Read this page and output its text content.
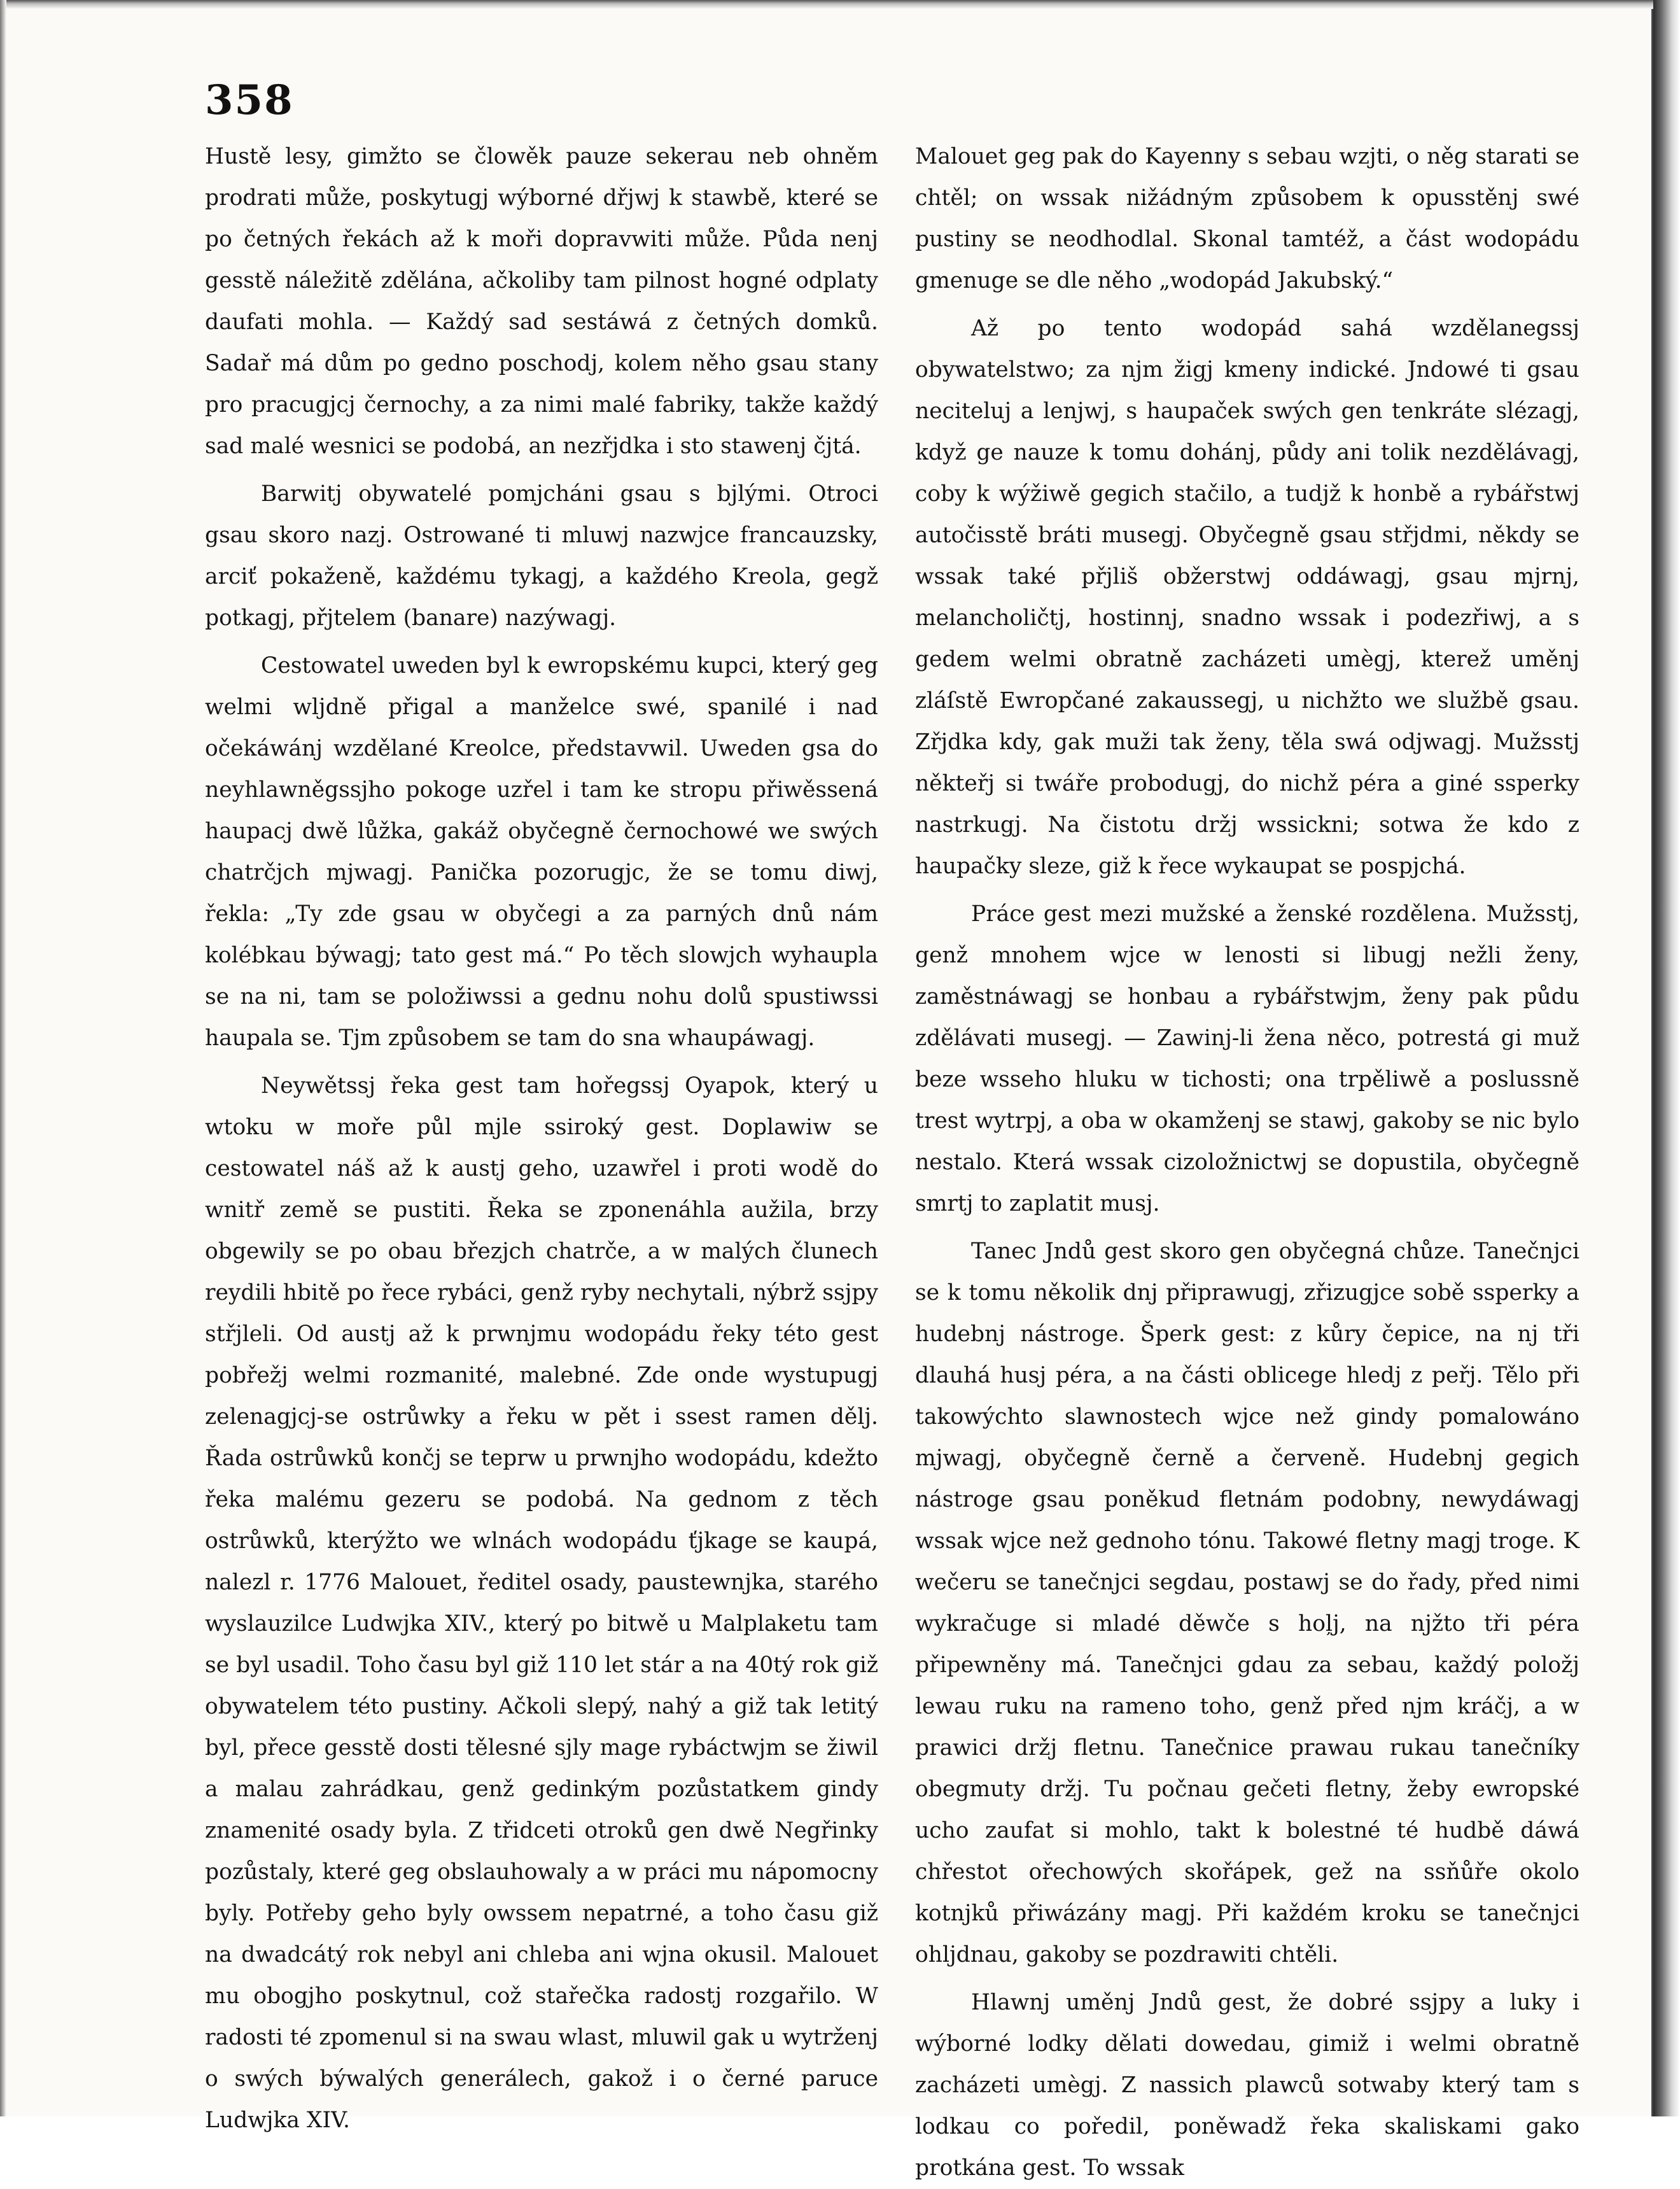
358

Hustě lesy, gimžto se člowěk pauze sekerau neb ohněm prodrati může, poskytugj wýborné dřjwj k stawbě, které se po četných řekách až k moři dopravwiti může. Půda nenj gesstě náležitě zdělána, ačkoliby tam pilnost hogné odplaty daufati mohla. — Každý sad sestáwá z četných domků. Sadař má dům po gedno poschodj, kolem něho gsau stany pro pracugjcj černochy, a za nimi malé fabriky, takže každý sad malé wesnici se podobá, an nezřjdka i sto stawenj čjtá.

Barwitj obywatelé pomjcháni gsau s bjlými. Otroci gsau skoro nazj. Ostrowané ti mluwj nazwjce francauzsky, arciť pokaženě, každému tykagj, a každého Kreola, gegž potkagj, přjtelem (banare) nazýwagj.

Cestowatel uweden byl k ewropskému kupci, který geg welmi wljdně přigal a manželce swé, spanilé i nad očekáwánj wzdělané Kreolce, představwil. Uweden gsa do neyhlawněgssjho pokoge uzřel i tam ke stropu přiwěssená haupacj dwě lůžka, gakáž obyčegně černochowé we swých chatrčjch mjwagj. Panička pozorugjc, že se tomu diwj, řekla: „Ty zde gsau w obyčegi a za parných dnů nám kolébkau býwagj; tato gest má.“ Po těch slowjch wyhaupla se na ni, tam se položiwssi a gednu nohu dolů spustiwssi haupala se. Tjm způsobem se tam do sna whaupáwagj.

Neywětssj řeka gest tam hořegssj Oyapok, který u wtoku w moře půl mjle ssiroký gest. Doplawiw se cestowatel náš až k austj geho, uzawřel i proti wodě do wnitř země se pustiti. Řeka se zponenáhla aužila, brzy obgewily se po obau březjch chatrče, a w malých člunech reydili hbitě po řece rybáci, genž ryby nechytali, nýbrž ssjpy střjleli. Od austj až k prwnjmu wodopádu řeky této gest pobřežj welmi rozmanité, malebné. Zde onde wystupugj zelenagjcj-se ostrůwky a řeku w pět i ssest ramen dělj. Řada ostrůwků končj se teprw u prwnjho wodopádu, kdežto řeka malému gezeru se podobá. Na gednom z těch ostrůwků, kterýžto we wlnách wodopádu ťjkage se kaupá, nalezl r. 1776 Malouet, ředitel osady, paustewnjka, starého wyslauzilce Ludwjka XIV., který po bitwě u Malplaketu tam se byl usadil. Toho času byl giž 110 let stár a na 40tý rok giž obywatelem této pustiny. Ačkoli slepý, nahý a giž tak letitý byl, přece gesstě dosti tělesné sjly mage rybáctwjm se žiwil a malau zahrádkau, genž gedinkým pozůstatkem gindy znamenité osady byla. Z třidceti otroků gen dwě Negřinky pozůstaly, které geg obslauhowaly a w práci mu nápomocny byly. Potřeby geho byly owssem nepatrné, a toho času giž na dwadcátý rok nebyl ani chleba ani wjna okusil. Malouet mu obogjho poskytnul, což stařečka radostj rozgařilo. W radosti té zpomenul si na swau wlast, mluwil gak u wytrženj o swých býwalých generálech, gakož i o černé paruce Ludwjka XIV.

Malouet geg pak do Kayenny s sebau wzjti, o něg starati se chtěl; on wssak nižádným způsobem k opusstěnj swé pustiny se neodhodlal. Skonal tamtéž, a část wodopádu gmenuge se dle něho „wodopád Jakubský.“

Až po tento wodopád sahá wzdělanegssj obywatelstwo; za njm žigj kmeny indické. Jndowé ti gsau neciteluj a lenjwj, s haupaček swých gen tenkráte slézagj, když ge nauze k tomu dohánj, půdy ani tolik nezdělávagj, coby k wýžiwě gegich stačilo, a tudjž k honbě a rybářstwj autočisstě bráti musegj. Obyčegně gsau střjdmi, někdy se wssak také přjliš obžerstwj oddáwagj, gsau mjrnj, melancholičtj, hostinnj, snadno wssak i podezřiwj, a s gedem welmi obratně zacházeti umègj, kterež uměnj zláſstě Ewropčané zakaussegj, u nichžto we službě gsau. Zřjdka kdy, gak muži tak ženy, těla swá odjwagj. Mužsstj někteřj si twáře probodugj, do nichž péra a giné ssperky nastrkugj. Na čistotu držj wssickni; sotwa že kdo z haupačky sleze, giž k řece wykaupat se pospjchá.

Práce gest mezi mužské a ženské rozdělena. Mužsstj, genž mnohem wjce w lenosti si libugj nežli ženy, zaměstnáwagj se honbau a rybářstwjm, ženy pak půdu zdělávati musegj. — Zawinj-li žena něco, potrestá gi muž beze wsseho hluku w tichosti; ona trpěliwě a poslussně trest wytrpj, a oba w okamženj se stawj, gakoby se nic bylo nestalo. Která wssak cizoložnictwj se dopustila, obyčegně smrtj to zaplatit musj.

Tanec Jndů gest skoro gen obyčegná chůze. Tanečnjci se k tomu několik dnj připrawugj, zřizugjce sobě ssperky a hudebnj nástroge. Šperk gest: z kůry čepice, na nj tři dlauhá husj péra, a na části oblicege hledj z peřj. Tělo při takowýchto slawnostech wjce než gindy pomalowáno mjwagj, obyčegně černě a červeně. Hudebnj gegich nástroge gsau poněkud fletnám podobny, newydáwagj wssak wjce než gednoho tónu. Takowé fletny magj troge. K wečeru se tanečnjci segdau, postawj se do řady, před nimi wykračuge si mladé děwče s hoļj, na njžto tři péra připewněny má. Tanečnjci gdau za sebau, každý položj lewau ruku na rameno toho, genž před njm kráčj, a w prawici držj fletnu. Tanečnice prawau rukau tanečníky obegmuty držj. Tu počnau gečeti fletny, žeby ewropské ucho zaufat si mohlo, takt k bolestné té hudbě dáwá chřestot ořechowých skořápek, gež na ssňůře okolo kotnjků přiwázány magj. Při každém kroku se tanečnjci ohljdnau, gakoby se pozdrawiti chtěli.

Hlawnj uměnj Jndů gest, že dobré ssjpy a luky i wýborné lodky dělati dowedau, gimiž i welmi obratně zacházeti umègj. Z nassich plawců sotwaby který tam s lodkau co poředil, poněwadž řeka skaliskami gako protkána gest. To wssak
